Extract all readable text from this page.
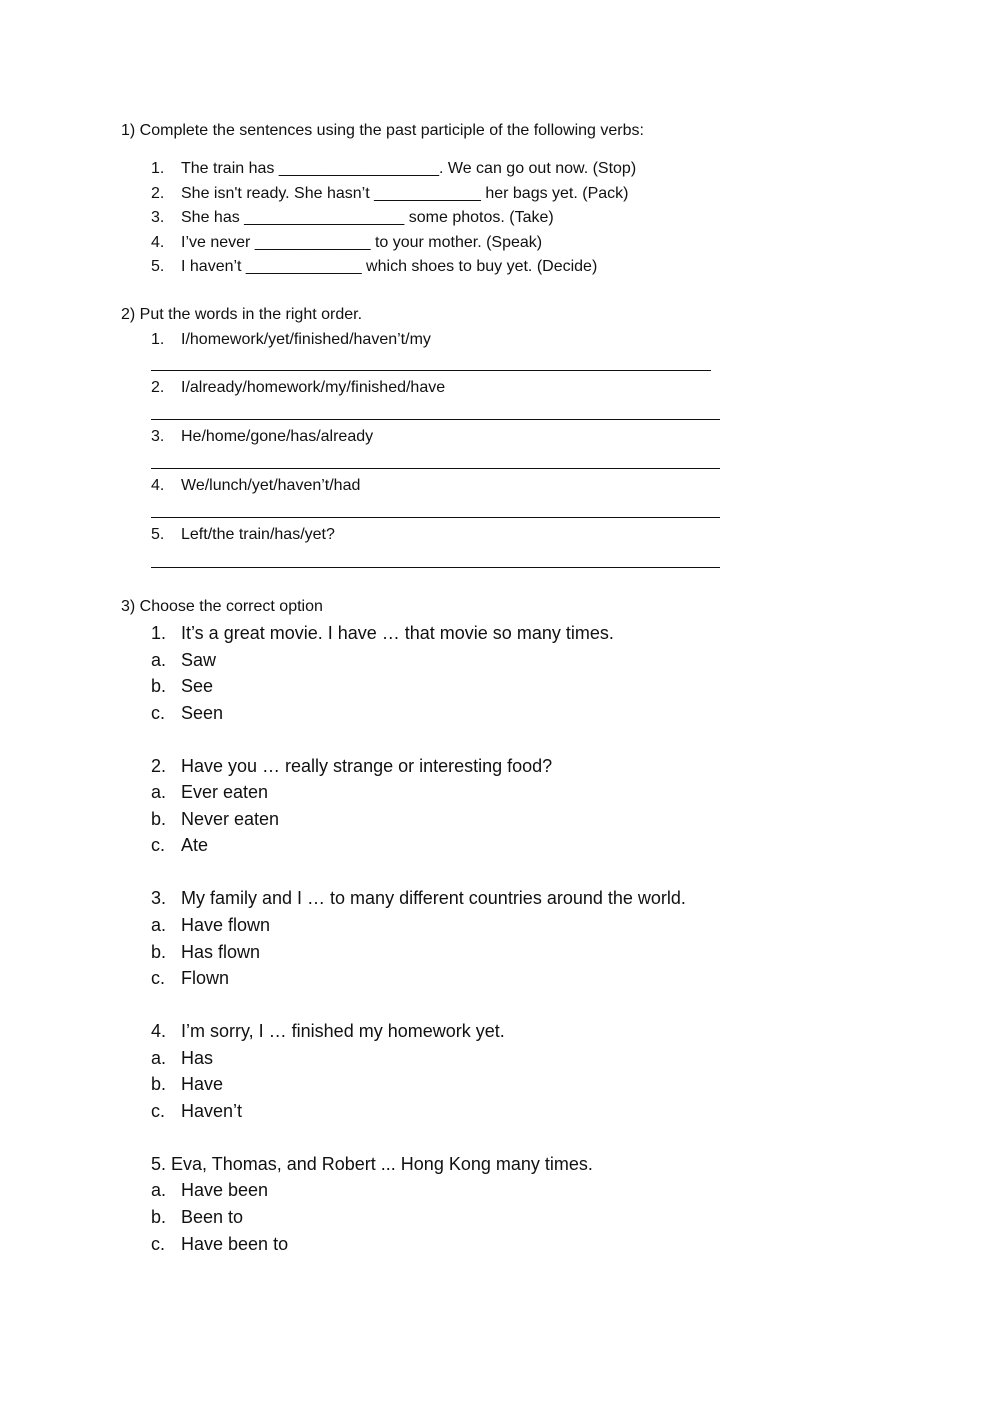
1) Complete the sentences using the past participle of the following verbs:
1.	The train has __________________. We can go out now. (Stop)
2.	She isn't ready. She hasn’t ____________ her bags yet. (Pack)
3.	She has __________________ some photos. (Take)
4.	I’ve never _____________ to your mother. (Speak)
5.	I haven’t _____________ which shoes to buy yet. (Decide)
2) Put the words in the right order.
1.	I/homework/yet/finished/haven’t/my
2.	I/already/homework/my/finished/have
3.	He/home/gone/has/already
4.	We/lunch/yet/haven’t/had
5.	Left/the train/has/yet?
3) Choose the correct option
1. It’s a great movie. I have … that movie so many times.
a. Saw
b. See
c. Seen
2. Have you … really strange or interesting food?
a. Ever eaten
b. Never eaten
c. Ate
3. My family and I … to many different countries around the world.
a. Have flown
b. Has flown
c. Flown
4. I’m sorry, I … finished my homework yet.
a. Has
b. Have
c. Haven’t
5. Eva, Thomas, and Robert ... Hong Kong many times.
a. Have been
b. Been to
c. Have been to
